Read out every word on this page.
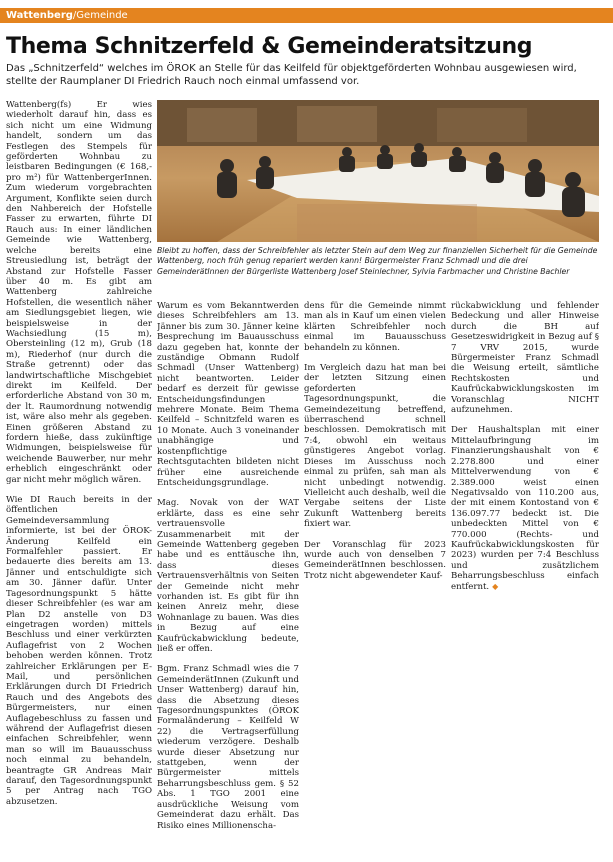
Wattenberg/Gemeinde
Thema Schnitzerfeld & Gemeinderatsitzung

Das „Schnitzerfeld“ welches im ÖROK an Stelle für das Keilfeld für objektgeförderten Wohnbau ausgewiesen wird, stellte der Raumplaner DI Friedrich Rauch noch einmal umfassend vor.

Wattenberg(fs) Er wies wiederholt darauf hin, dass es sich nicht um eine Widmung handelt, sondern um das Festlegen des Stempels für geförderten Wohnbau zu leistbaren Bedingungen (€ 168,- pro m²) für WattenbergerInnen. Zum wiederum vorgebrachten Argument, Konflikte seien durch den Nahbereich der Hofstelle Fasser zu erwarten, führte DI Rauch aus: In einer ländlichen Gemeinde wie Wattenberg, welche bereits eine Streusiedlung ist, beträgt der Abstand zur Hofstelle Fasser über 40 m. Es gibt am Wattenberg zahlreiche Hofstellen, die wesentlich näher am Siedlungsgebiet liegen, wie beispielsweise in der Wachsiedlung (15 m), Obersteinling (12 m), Grub (18 m), Riederhof (nur durch die Straße getrennt) oder das landwirtschaftliche Mischgebiet direkt im Keilfeld. Der erforderliche Abstand von 30 m, der lt. Raumordnung notwendig ist, wäre also mehr als gegeben. Einen größeren Abstand zu fordern hieße, dass zukünftige Widmungen, beispielsweise für weichende Bauwerber, nur mehr erheblich eingeschränkt oder gar nicht mehr möglich wären.

Wie DI Rauch bereits in der öffentlichen Gemeindeversammlung informierte, ist bei der ÖROK-Änderung Keilfeld ein Formalfehler passiert. Er bedauerte dies bereits am 13. Jänner und entschuldigte sich am 30. Jänner dafür. Unter Tagesordnungspunkt 5 hätte dieser Schreibfehler (es war am Plan D2 anstelle von D3 eingetragen worden) mittels Beschluss und einer verkürzten Auflagefrist von 2 Wochen behoben werden können. Trotz zahlreicher Erklärungen per E-Mail, und persönlichen Erklärungen durch DI Friedrich Rauch und des Angebots des Bürgermeisters, nur einen Auflagebeschluss zu fassen und während der Auflagefrist diesen einfachen Schreibfehler, wenn man so will im Bauausschuss noch einmal zu behandeln, beantragte GR Andreas Mair darauf, den Tagesordnungspunkt 5 per Antrag nach TGO abzusetzen.

Bleibt zu hoffen, dass der Schreibfehler als letzter Stein auf dem Weg zur finanziellen Sicherheit für die Gemeinde Wattenberg, noch früh genug repariert werden kann! Bürgermeister Franz Schmadl und die drei GemeinderätInnen der Bürgerliste Wattenberg Josef Steinlechner, Sylvia Farbmacher und Christine Bachler

Warum es vom Bekanntwerden dieses Schreibfehlers am 13. Jänner bis zum 30. Jänner keine Besprechung im Bauausschuss dazu gegeben hat, konnte der zuständige Obmann Rudolf Schmadl (Unser Wattenberg) nicht beantworten. Leider bedarf es derzeit für gewisse Entscheidungsfindungen mehrere Monate. Beim Thema Keilfeld – Schnitzfeld waren es 10 Monate. Auch 3 voneinander unabhängige und kostenpflichtige Rechtsgutachten bildeten nicht früher eine ausreichende Entscheidungsgrundlage.

Mag. Novak von der WAT erklärte, dass es eine sehr vertrauensvolle Zusammenarbeit mit der Gemeinde Wattenberg gegeben habe und es enttäusche ihn, dass dieses Vertrauensverhältnis von Seiten der Gemeinde nicht mehr vorhanden ist. Es gibt für ihn keinen Anreiz mehr, diese Wohnanlage zu bauen. Was dies in Bezug auf eine Kaufrückabwicklung bedeute, ließ er offen.

Bgm. Franz Schmadl wies die 7 GemeinderätInnen (Zukunft und Unser Wattenberg) darauf hin, dass die Absetzung dieses Tagesordnungspunktes (ÖROK Formaländerung – Keilfeld W 22) die Vertragserfüllung wiederum verzögere. Deshalb wurde dieser Absetzung nur stattgeben, wenn der Bürgermeister mittels Beharrungsbeschluss gem. § 52 Abs. 1 TGO 2001 eine ausdrückliche Weisung vom Gemeinderat dazu erhält. Das Risiko eines Millionenscha-

dens für die Gemeinde nimmt man als in Kauf um einen vielen klärten Schreibfehler noch einmal im Bauausschuss behandeln zu können.

Im Vergleich dazu hat man bei der letzten Sitzung einen geforderten Tagesordnungspunkt, die Gemeindezeitung betreffend, überraschend schnell beschlossen. Demokratisch mit 7:4, obwohl ein weitaus günstigeres Angebot vorlag. Dieses im Ausschuss noch einmal zu prüfen, sah man als nicht unbedingt notwendig. Vielleicht auch deshalb, weil die Vergabe seitens der Liste Zukunft Wattenberg bereits fixiert war.

Der Voranschlag für 2023 wurde auch von denselben 7 GemeinderätInnen beschlossen. Trotz nicht abgewendeter Kauf-

rückabwicklung und fehlender Bedeckung und aller Hinweise durch die BH auf Gesetzeswidrigkeit in Bezug auf § 7 VRV 2015, wurde Bürgermeister Franz Schmadl die Weisung erteilt, sämtliche Rechtskosten und Kaufrückabwicklungskosten im Voranschlag NICHT aufzunehmen.

Der Haushaltsplan mit einer Mittelaufbringung im Finanzierungshaushalt von € 2.278.800 und einer Mittelverwendung von € 2.389.000 weist einen Negativsaldo von 110.200 aus, der mit einem Kontostand von € 136.097.77 bedeckt ist. Die unbedeckten Mittel von € 770.000 (Rechts- und Kaufrückabwicklungskosten für 2023) wurden per 7:4 Beschluss und zusätzlichem Beharrungsbeschluss einfach entfernt. ◆
